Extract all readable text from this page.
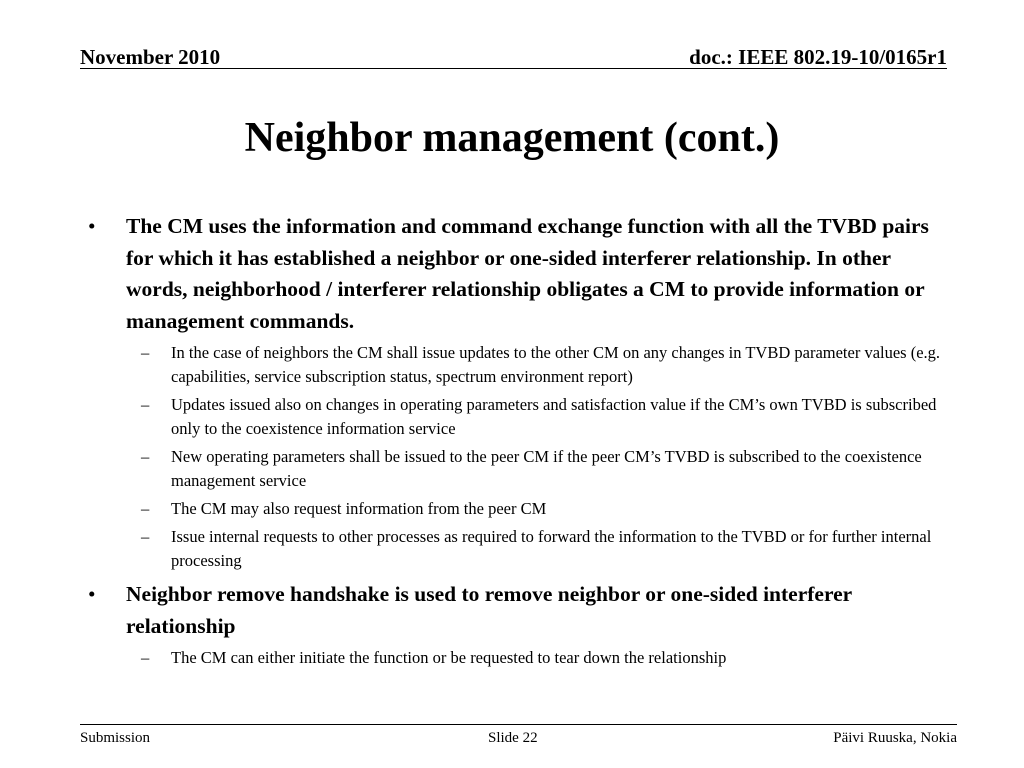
November 2010	doc.: IEEE 802.19-10/0165r1
Neighbor management (cont.)
• The CM uses the information and command exchange function with all the TVBD pairs for which it has established a neighbor or one-sided interferer relationship. In other words, neighborhood / interferer relationship obligates a CM to provide information or management commands.
– In the case of neighbors the CM shall issue updates to the other CM on any changes in TVBD parameter values (e.g. capabilities, service subscription status, spectrum environment report)
– Updates issued also on changes in operating parameters and satisfaction value if the CM’s own TVBD is subscribed only to the coexistence information service
– New operating parameters shall be issued to the peer CM if the peer CM’s TVBD is subscribed to the coexistence management service
– The CM may also request information from the peer CM
– Issue internal requests to other processes as required to forward the information to the TVBD or for further internal processing
• Neighbor remove handshake is used to remove neighbor or one-sided interferer relationship
– The CM can either initiate the function or be requested to tear down the relationship
Submission	Slide 22	Päivi Ruuska, Nokia
